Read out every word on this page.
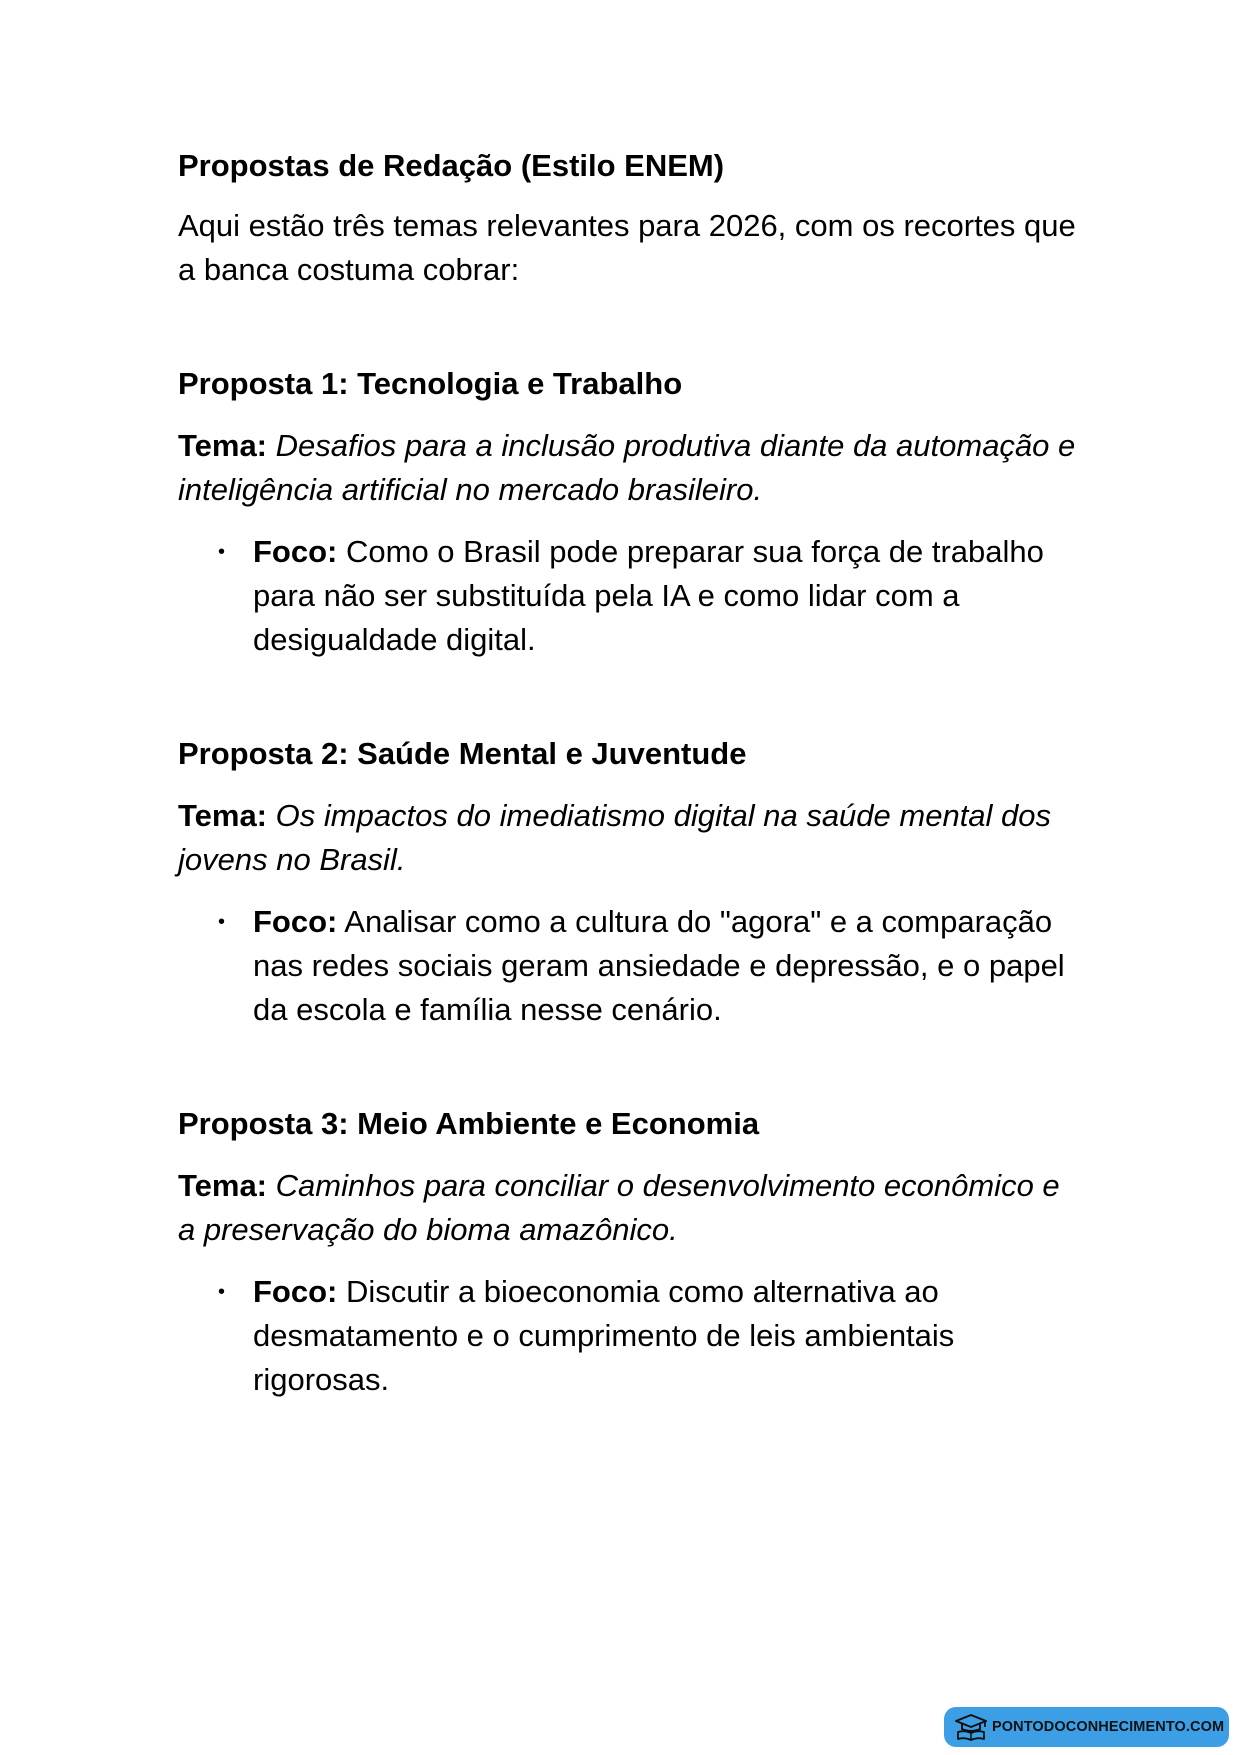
Propostas de Redação (Estilo ENEM)

Aqui estão três temas relevantes para 2026, com os recortes que a banca costuma cobrar:

Proposta 1: Tecnologia e Trabalho

Tema: Desafios para a inclusão produtiva diante da automação e inteligência artificial no mercado brasileiro.

• Foco: Como o Brasil pode preparar sua força de trabalho para não ser substituída pela IA e como lidar com a desigualdade digital.
Proposta 2: Saúde Mental e Juventude

Tema: Os impactos do imediatismo digital na saúde mental dos jovens no Brasil.

• Foco: Analisar como a cultura do "agora" e a comparação nas redes sociais geram ansiedade e depressão, e o papel da escola e família nesse cenário.
Proposta 3: Meio Ambiente e Economia

Tema: Caminhos para conciliar o desenvolvimento econômico e a preservação do bioma amazônico.

• Foco: Discutir a bioeconomia como alternativa ao desmatamento e o cumprimento de leis ambientais rigorosas.
PONTODOCONHECIMENTO.COM
